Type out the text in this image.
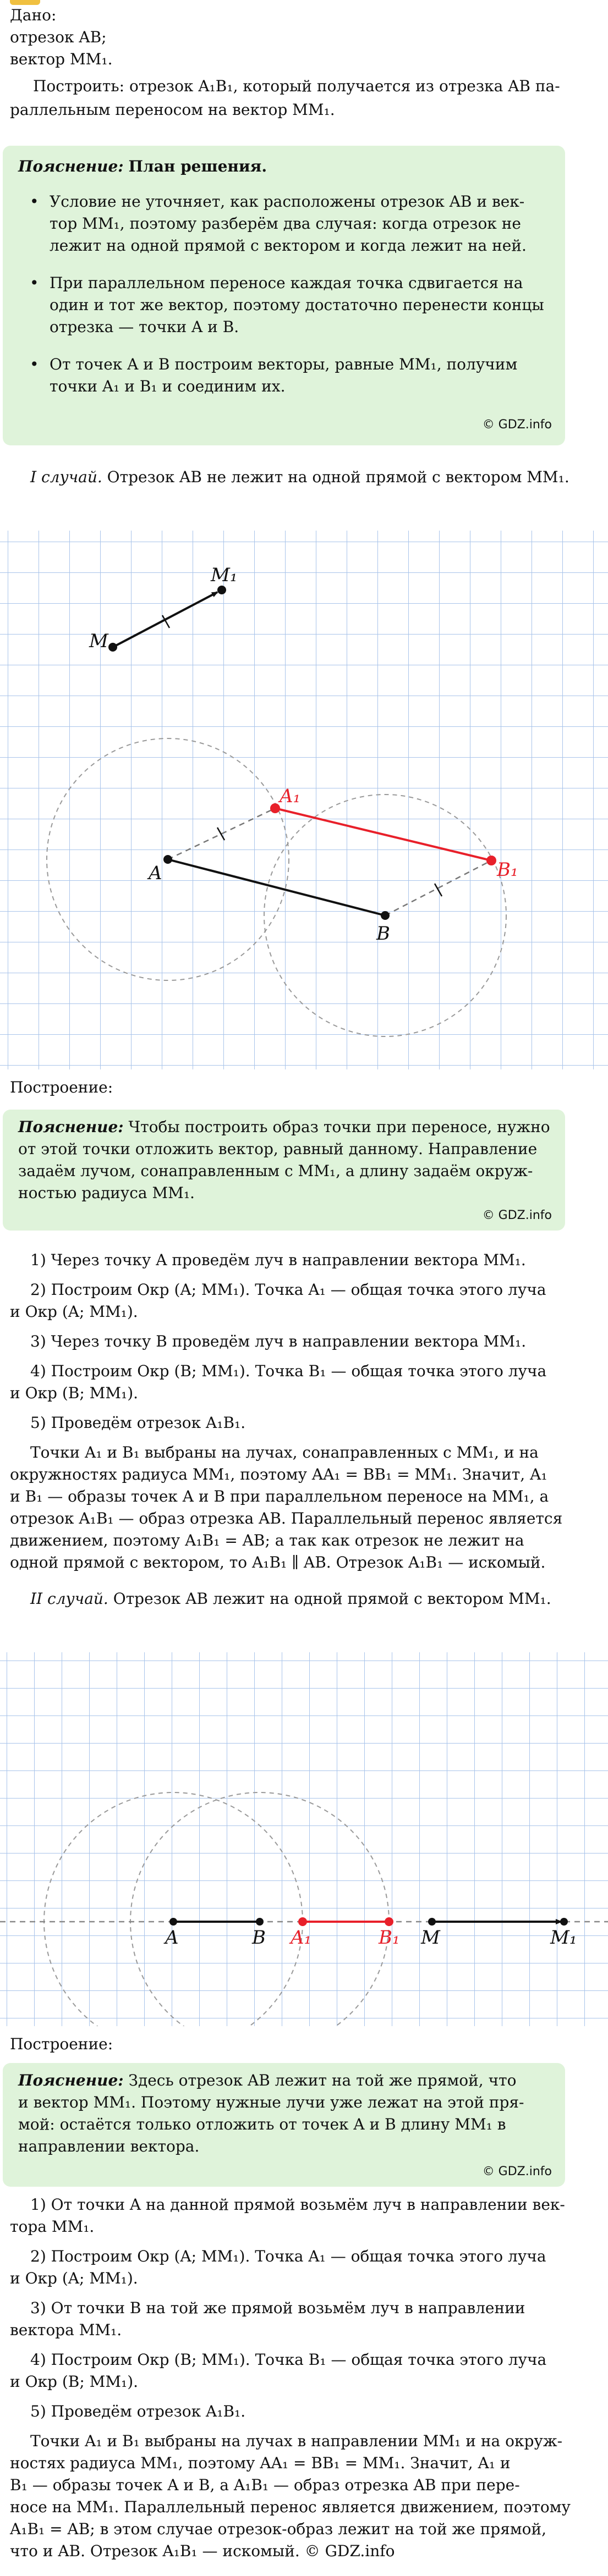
Дано:
отрезок AB;
вектор MM₁.
Построить: отрезок A₁B₁, который получается из отрезка AB па-
раллельным переносом на вектор MM₁.
Пояснение: План решения.

• Условие не уточняет, как расположены отрезок AB и век-

тор MM₁, поэтому разберём два случая: когда отрезок не

лежит на одной прямой с вектором и когда лежит на ней.

• При параллельном переносе каждая точка сдвигается на

один и тот же вектор, поэтому достаточно перенести концы

отрезка — точки A и B.

• От точек A и B построим векторы, равные MM₁, получим

точки A₁ и B₁ и соединим их.

© GDZ.info
I случай. Отрезок AB не лежит на одной прямой с вектором MM₁.
M
M₁
A
B
A₁
B₁
Построение:

Пояснение: Чтобы построить образ точки при переносе, нужно

от этой точки отложить вектор, равный данному. Направление

задаём лучом, сонаправленным с MM₁, а длину задаём окруж-

ностью радиуса MM₁.

© GDZ.info
1) Через точку A проведём луч в направлении вектора MM₁.
2) Построим Окр (A; MM₁). Точка A₁ — общая точка этого луча
и Окр (A; MM₁).
3) Через точку B проведём луч в направлении вектора MM₁.
4) Построим Окр (B; MM₁). Точка B₁ — общая точка этого луча
и Окр (B; MM₁).
5) Проведём отрезок A₁B₁.
Точки A₁ и B₁ выбраны на лучах, сонаправленных с MM₁, и на
окружностях радиуса MM₁, поэтому AA₁ = BB₁ = MM₁. Значит, A₁
и B₁ — образы точек A и B при параллельном переносе на MM₁, а
отрезок A₁B₁ — образ отрезка AB. Параллельный перенос является
движением, поэтому A₁B₁ = AB; а так как отрезок не лежит на
одной прямой с вектором, то A₁B₁ ∥ AB. Отрезок A₁B₁ — искомый.
II случай. Отрезок AB лежит на одной прямой с вектором MM₁.
A	B A₁	B₁ M	M₁
Построение:

Пояснение: Здесь отрезок AB лежит на той же прямой, что

и вектор MM₁. Поэтому нужные лучи уже лежат на этой пря-

мой: остаётся только отложить от точек A и B длину MM₁ в

направлении вектора.

© GDZ.info
1) От точки A на данной прямой возьмём луч в направлении век-
тора MM₁.
2) Построим Окр (A; MM₁). Точка A₁ — общая точка этого луча
и Окр (A; MM₁).
3) От точки B на той же прямой возьмём луч в направлении
вектора MM₁.
4) Построим Окр (B; MM₁). Точка B₁ — общая точка этого луча
и Окр (B; MM₁).
5) Проведём отрезок A₁B₁.
Точки A₁ и B₁ выбраны на лучах в направлении MM₁ и на окруж-
ностях радиуса MM₁, поэтому AA₁ = BB₁ = MM₁. Значит, A₁ и
B₁ — образы точек A и B, а A₁B₁ — образ отрезка AB при пере-
носе на MM₁. Параллельный перенос является движением, поэтому
A₁B₁ = AB; в этом случае отрезок-образ лежит на той же прямой,
что и AB. Отрезок A₁B₁ — искомый. © GDZ.info
